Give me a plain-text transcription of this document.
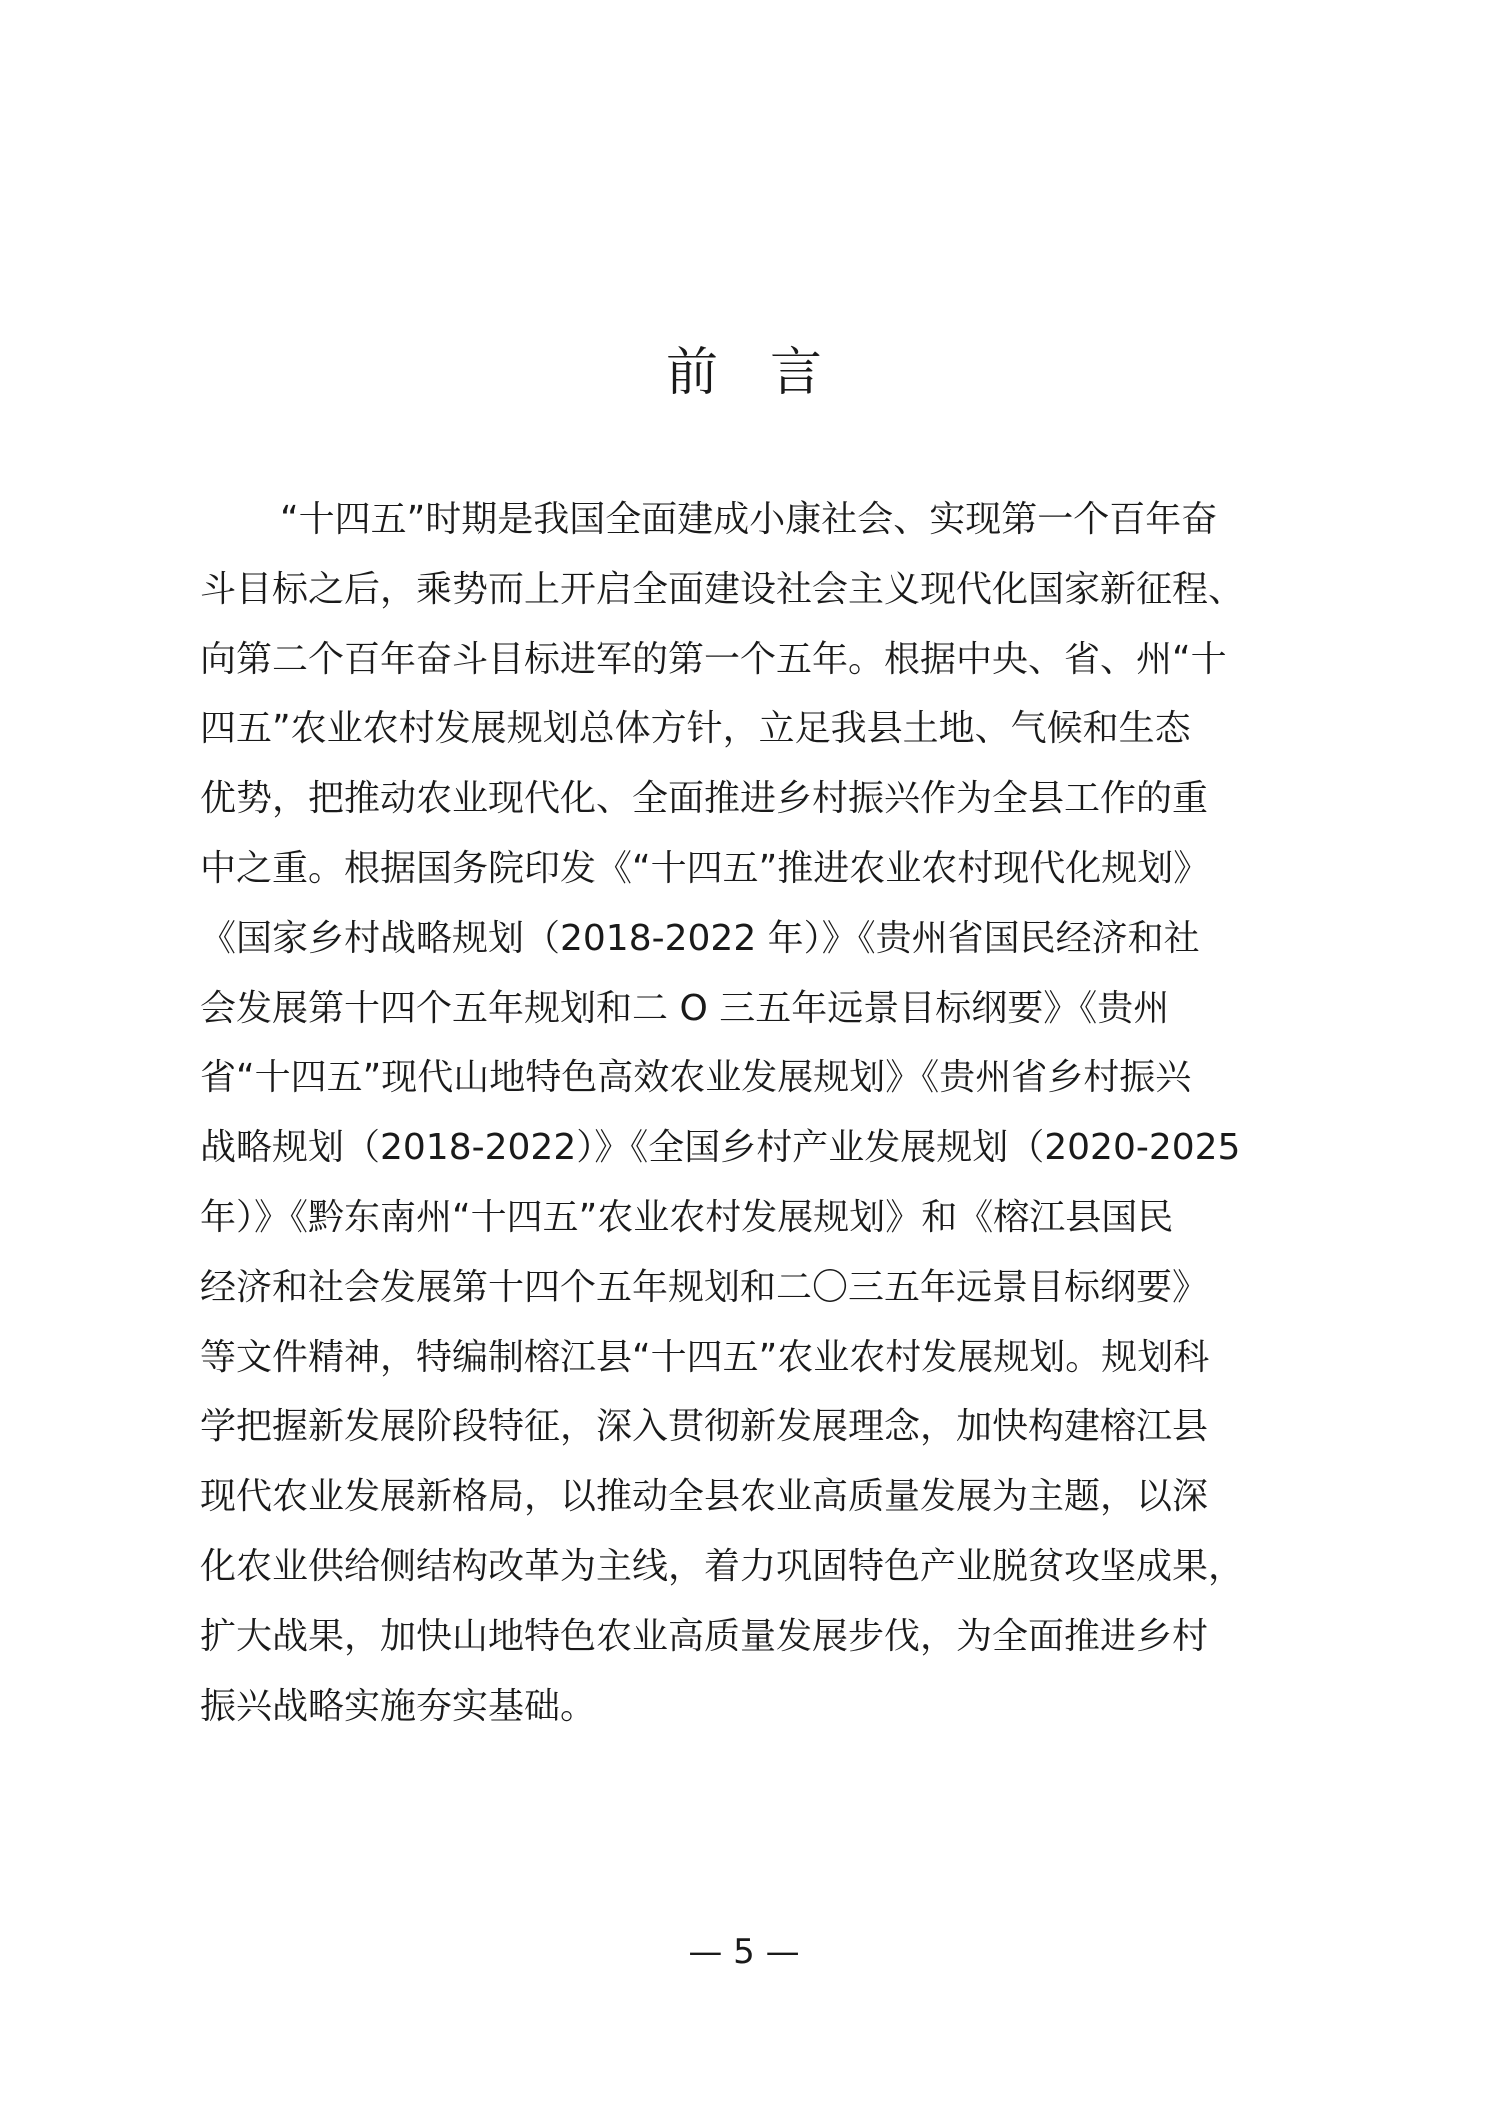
前　言
“十四五”时期是我国全面建成小康社会、实现第一个百年奋
斗目标之后，乘势而上开启全面建设社会主义现代化国家新征程、
向第二个百年奋斗目标进军的第一个五年。根据中央、省、州“十
四五”农业农村发展规划总体方针，立足我县土地、气候和生态
优势，把推动农业现代化、全面推进乡村振兴作为全县工作的重
中之重。根据国务院印发《“十四五”推进农业农村现代化规划》
《国家乡村战略规划（2018-2022 年）》《贵州省国民经济和社
会发展第十四个五年规划和二 O 三五年远景目标纲要》《贵州
省“十四五”现代山地特色高效农业发展规划》《贵州省乡村振兴
战略规划（2018-2022）》《全国乡村产业发展规划（2020-2025
年）》《黔东南州“十四五”农业农村发展规划》和《榕江县国民
经济和社会发展第十四个五年规划和二〇三五年远景目标纲要》
等文件精神，特编制榕江县“十四五”农业农村发展规划。规划科
学把握新发展阶段特征，深入贯彻新发展理念，加快构建榕江县
现代农业发展新格局，以推动全县农业高质量发展为主题，以深
化农业供给侧结构改革为主线，着力巩固特色产业脱贫攻坚成果，
扩大战果，加快山地特色农业高质量发展步伐，为全面推进乡村
振兴战略实施夯实基础。
— 5 —
